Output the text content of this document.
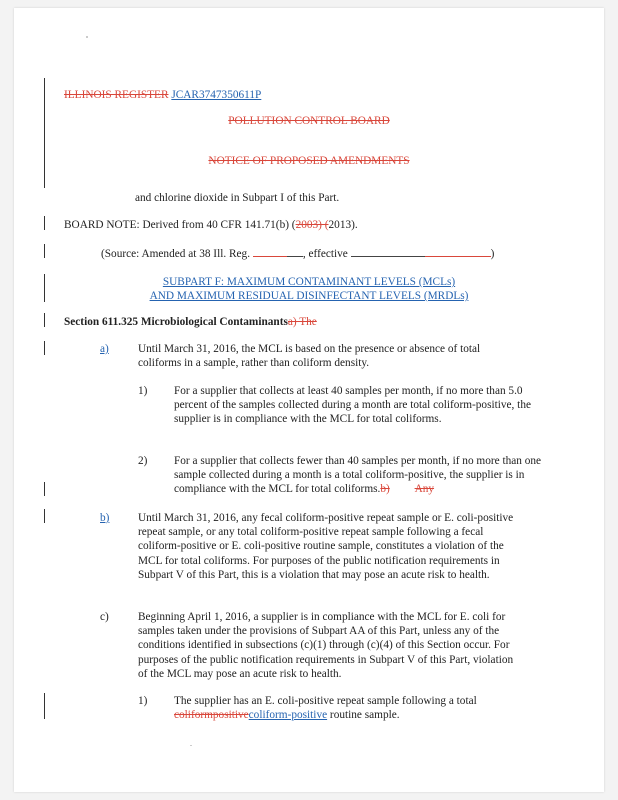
ILLINOIS REGISTER JCAR3747350611P
POLLUTION CONTROL BOARD
NOTICE OF PROPOSED AMENDMENTS
and chlorine dioxide in Subpart I of this Part.
BOARD NOTE: Derived from 40 CFR 141.71(b) (2003) (2013).
(Source: Amended at 38 Ill. Reg.	, effective	)
SUBPART F: MAXIMUM CONTAMINANT LEVELS (MCLs)
AND MAXIMUM RESIDUAL DISINFECTANT LEVELS (MRDLs)
Section 611.325 Microbiological Contaminantsa) The
a)	Until March 31, 2016, the MCL is based on the presence or absence of total coliforms in a sample, rather than coliform density.
1) For a supplier that collects at least 40 samples per month, if no more than 5.0 percent of the samples collected during a month are total coliform-positive, the supplier is in compliance with the MCL for total coliforms.
2) For a supplier that collects fewer than 40 samples per month, if no more than one sample collected during a month is a total coliform-positive, the supplier is in compliance with the MCL for total coliforms.b) Any
b)	Until March 31, 2016, any fecal coliform-positive repeat sample or E. coli-positive repeat sample, or any total coliform-positive repeat sample following a fecal coliform-positive or E. coli-positive routine sample, constitutes a violation of the MCL for total coliforms. For purposes of the public notification requirements in Subpart V of this Part, this is a violation that may pose an acute risk to health.
c)	Beginning April 1, 2016, a supplier is in compliance with the MCL for E. coli for samples taken under the provisions of Subpart AA of this Part, unless any of the conditions identified in subsections (c)(1) through (c)(4) of this Section occur. For purposes of the public notification requirements in Subpart V of this Part, violation of the MCL may pose an acute risk to health.
1) The supplier has an E. coli-positive repeat sample following a total coliformpositivecoliform-positive routine sample.
